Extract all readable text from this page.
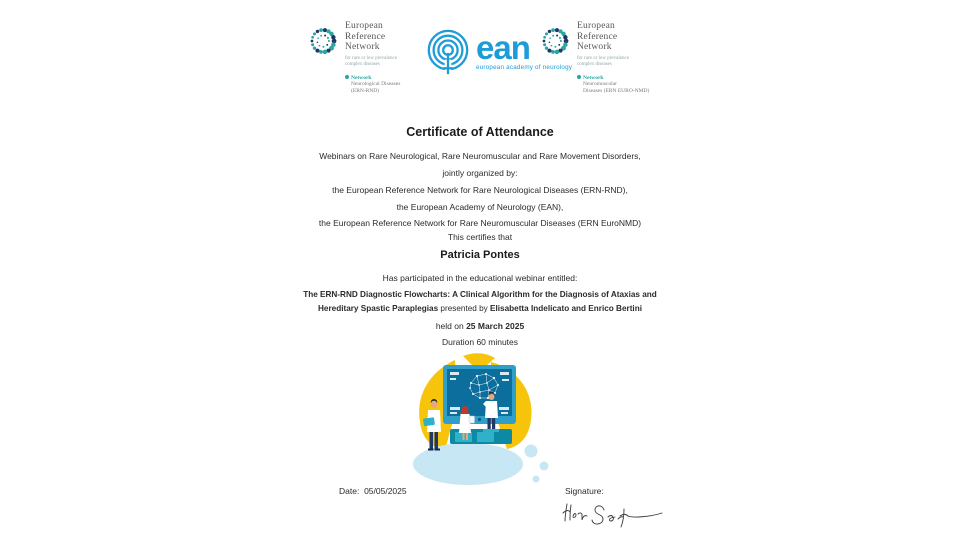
European
Reference
Network
for rare or low prevalence
complex diseases
Network
Neurological Diseases
(ERN-RND)
ean
european academy of neurology
European
Reference
Network
for rare or low prevalence
complex diseases
Network
Neuromuscular
Diseases (ERN EURO-NMD)
Certificate of Attendance
Webinars on Rare Neurological, Rare Neuromuscular and Rare Movement Disorders,
jointly organized by:
the European Reference Network for Rare Neurological Diseases (ERN-RND),
the European Academy of Neurology (EAN),
the European Reference Network for Rare Neuromuscular Diseases (ERN EuroNMD)
This certifies that
Patricia Pontes
Has participated in the educational webinar entitled:
The ERN-RND Diagnostic Flowcharts: A Clinical Algorithm for the Diagnosis of Ataxias and Hereditary Spastic Paraplegias presented by Elisabetta Indelicato and Enrico Bertini
held on 25 March 2025
Duration 60 minutes
Date: 05/05/2025	Signature:
